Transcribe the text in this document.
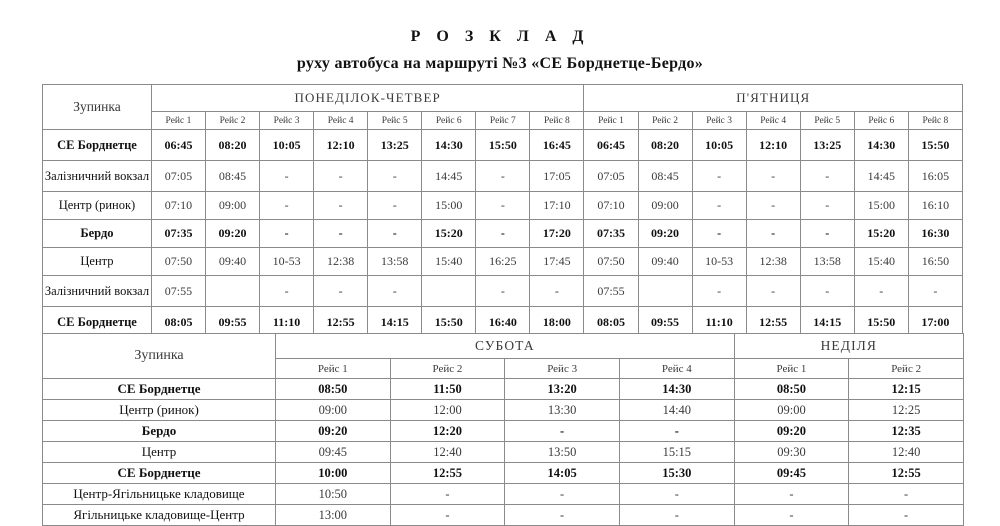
Р О З К Л А Д
руху автобуса на маршруті №3 «СЕ Борднетце-Бердо»
Зупинка	ПОНЕДІЛОК-ЧЕТВЕР								П'ЯТНИЦЯ						
	Рейс 1	Рейс 2	Рейс 3	Рейс 4	Рейс 5	Рейс 6	Рейс 7	Рейс 8	Рейс 1	Рейс 2	Рейс 3	Рейс 4	Рейс 5	Рейс 6	Рейс 8
СЕ Борднетце	06:45	08:20	10:05	12:10	13:25	14:30	15:50	16:45	06:45	08:20	10:05	12:10	13:25	14:30	15:50
Залізничний вокзал	07:05	08:45	-	-	-	14:45	-	17:05	07:05	08:45	-	-	-	14:45	16:05
Центр (ринок)	07:10	09:00	-	-	-	15:00	-	17:10	07:10	09:00	-	-	-	15:00	16:10
Бердо	07:35	09:20	-	-	-	15:20	-	17:20	07:35	09:20	-	-	-	15:20	16:30
Центр	07:50	09:40	10-53	12:38	13:58	15:40	16:25	17:45	07:50	09:40	10-53	12:38	13:58	15:40	16:50
Залізничний вокзал	07:55		-	-	-		-	-	07:55		-	-	-	-	-
СЕ Борднетце	08:05	09:55	11:10	12:55	14:15	15:50	16:40	18:00	08:05	09:55	11:10	12:55	14:15	15:50	17:00
Зупинка	СУБОТА				НЕДІЛЯ	
	Рейс 1	Рейс 2	Рейс 3	Рейс 4	Рейс 1	Рейс 2
СЕ Борднетце	08:50	11:50	13:20	14:30	08:50	12:15
Центр (ринок)	09:00	12:00	13:30	14:40	09:00	12:25
Бердо	09:20	12:20	-	-	09:20	12:35
Центр	09:45	12:40	13:50	15:15	09:30	12:40
СЕ Борднетце	10:00	12:55	14:05	15:30	09:45	12:55
Центр-Ягільницьке кладовище	10:50	-	-	-	-	-
Ягільницьке кладовище-Центр	13:00	-	-	-	-	-
